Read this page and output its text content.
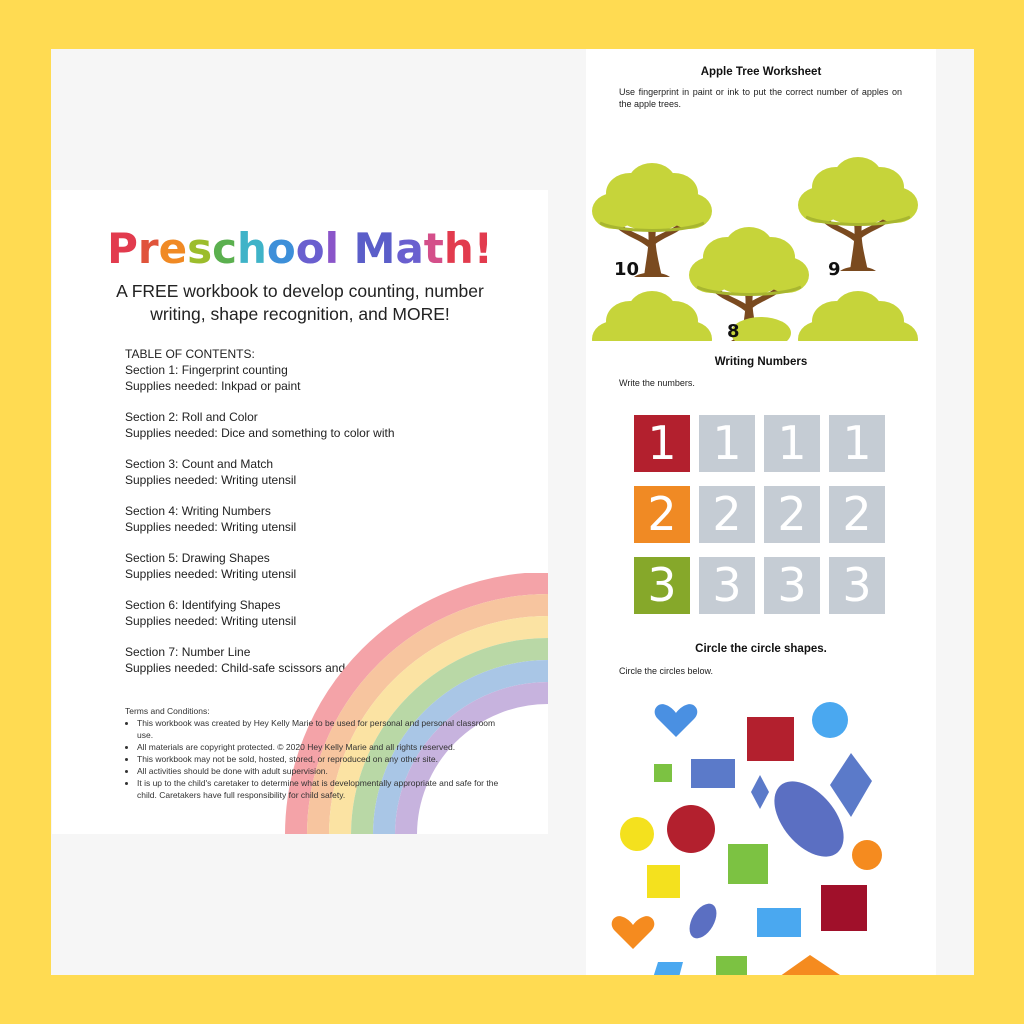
Preschool Math!
A FREE workbook to develop counting, number writing, shape recognition, and MORE!
TABLE OF CONTENTS:
Section 1: Fingerprint counting
Supplies needed: Inkpad or paint
Section 2: Roll and Color
Supplies needed: Dice and something to color with
Section 3: Count and Match
Supplies needed: Writing utensil
Section 4: Writing Numbers
Supplies needed: Writing utensil
Section 5: Drawing Shapes
Supplies needed: Writing utensil
Section 6: Identifying Shapes
Supplies needed: Writing utensil
Section 7: Number Line
Supplies needed: Child-safe scissors and glue
Terms and Conditions:
• This workbook was created by Hey Kelly Marie to be used for personal and personal classroom use.
• All materials are copyright protected. © 2020 Hey Kelly Marie and all rights reserved.
• This workbook may not be sold, hosted, stored, or reproduced on any other site.
• All activities should be done with adult supervision.
• It is up to the child's caretaker to determine what is developmentally appropriate and safe for the child. Caretakers have full responsibility for child safety.
Apple Tree Worksheet
Use fingerprint in paint or ink to put the correct number of apples on the apple trees.
10	9
8
Writing Numbers
Write the numbers.
1 1 1 1
2 2 2 2
3 3 3 3
Circle the circle shapes.
Circle the circles below.
